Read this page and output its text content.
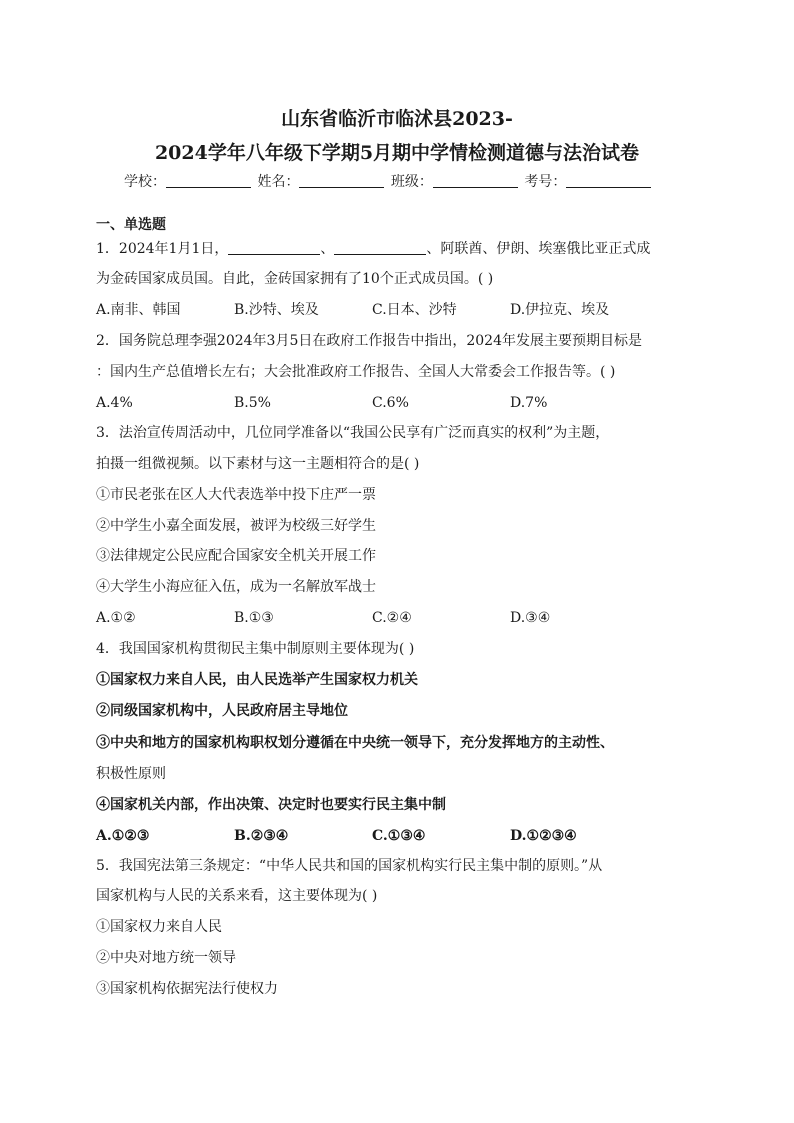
山东省临沂市临沭县2023-
2024学年八年级下学期5月期中学情检测道德与法治试卷
学校：	姓名：	班级：	考号：
一、单选题
1．2024年1月1日，	、	、阿联酋、伊朗、埃塞俄比亚正式成
为金砖国家成员国。自此，金砖国家拥有了10个正式成员国。( )
A.南非、韩国	B.沙特、埃及	C.日本、沙特	D.伊拉克、埃及
2．国务院总理李强2024年3月5日在政府工作报告中指出，2024年发展主要预期目标是
：国内生产总值增长左右；大会批准政府工作报告、全国人大常委会工作报告等。( )
A.4%	B.5%	C.6%	D.7%
3．法治宣传周活动中，几位同学准备以“我国公民享有广泛而真实的权利”为主题，
拍摄一组微视频。以下素材与这一主题相符合的是( )
①市民老张在区人大代表选举中投下庄严一票
②中学生小嘉全面发展，被评为校级三好学生
③法律规定公民应配合国家安全机关开展工作
④大学生小海应征入伍，成为一名解放军战士
A.①②	B.①③	C.②④	D.③④
4．我国国家机构贯彻民主集中制原则主要体现为( )
①国家权力来自人民，由人民选举产生国家权力机关
②同级国家机构中，人民政府居主导地位
③中央和地方的国家机构职权划分遵循在中央统一领导下，充分发挥地方的主动性、
积极性原则
④国家机关内部，作出决策、决定时也要实行民主集中制
A.①②③	B.②③④	C.①③④	D.①②③④
5．我国宪法第三条规定：“中华人民共和国的国家机构实行民主集中制的原则。”从
国家机构与人民的关系来看，这主要体现为( )
①国家权力来自人民
②中央对地方统一领导
③国家机构依据宪法行使权力
